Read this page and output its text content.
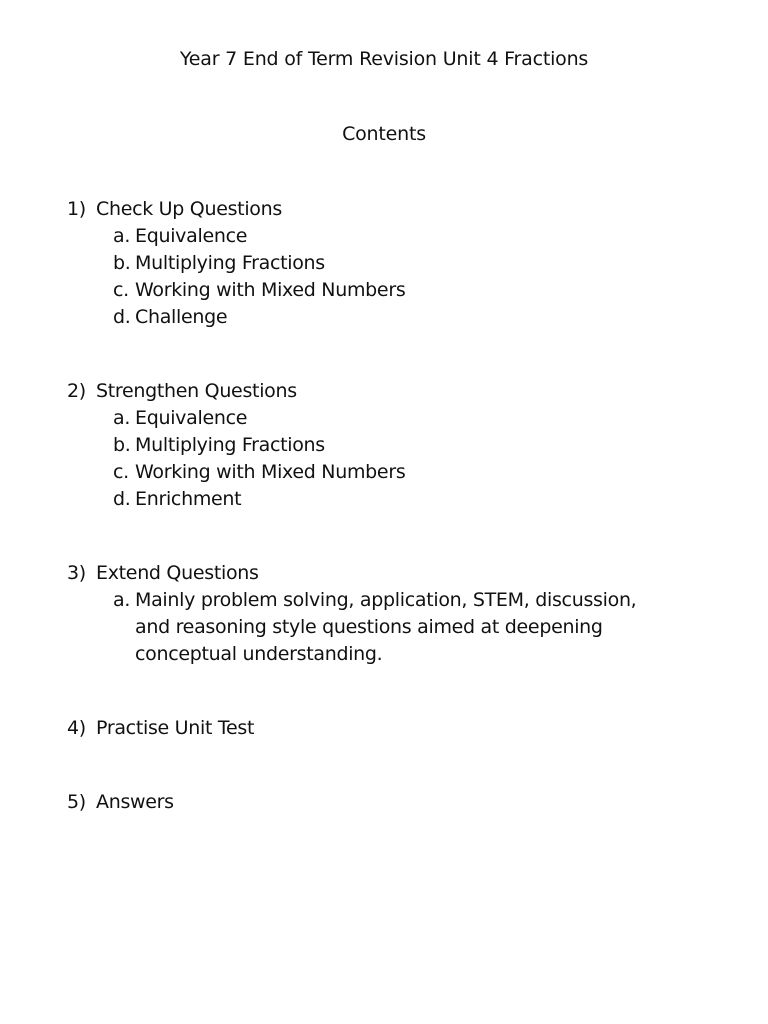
Year 7 End of Term Revision Unit 4 Fractions
Contents
1) Check Up Questions
a. Equivalence
b. Multiplying Fractions
c. Working with Mixed Numbers
d. Challenge
2) Strengthen Questions
a. Equivalence
b. Multiplying Fractions
c. Working with Mixed Numbers
d. Enrichment
3) Extend Questions
a. Mainly problem solving, application, STEM, discussion, and reasoning style questions aimed at deepening conceptual understanding.
4) Practise Unit Test
5) Answers
